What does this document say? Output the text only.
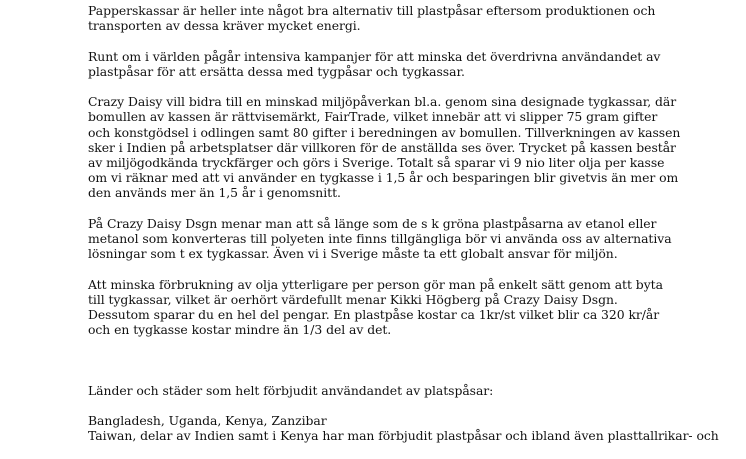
Papperskassar är heller inte något bra alternativ till plastpåsar eftersom produktionen och
transporten av dessa kräver mycket energi.

Runt om i världen pågår intensiva kampanjer för att minska det överdrivna användandet av
plastpåsar för att ersätta dessa med tygpåsar och tygkassar.

Crazy Daisy vill bidra till en minskad miljöpåverkan bl.a. genom sina designade tygkassar, där
bomullen av kassen är rättvisemärkt, FairTrade, vilket innebär att vi slipper 75 gram gifter
och konstgödsel i odlingen samt 80 gifter i beredningen av bomullen. Tillverkningen av kassen
sker i Indien på arbetsplatser där villkoren för de anställda ses över. Trycket på kassen består
av miljögodkända tryckfärger och görs i Sverige. Totalt så sparar vi 9 nio liter olja per kasse
om vi räknar med att vi använder en tygkasse i 1,5 år och besparingen blir givetvis än mer om
den används mer än 1,5 år i genomsnitt.

På Crazy Daisy Dsgn menar man att så länge som de s k gröna plastpåsarna av etanol eller
metanol som konverteras till polyeten inte finns tillgängliga bör vi använda oss av alternativa
lösningar som t ex tygkassar. Även vi i Sverige måste ta ett globalt ansvar för miljön.

Att minska förbrukning av olja ytterligare per person gör man på enkelt sätt genom att byta
till tygkassar, vilket är oerhört värdefullt menar Kikki Högberg på Crazy Daisy Dsgn.
Dessutom sparar du en hel del pengar. En plastpåse kostar ca 1kr/st vilket blir ca 320 kr/år
och en tygkasse kostar mindre än 1/3 del av det.

Länder och städer som helt förbjudit användandet av platspåsar:

Bangladesh, Uganda, Kenya, Zanzibar
Taiwan, delar av Indien samt i Kenya har man förbjudit plastpåsar och ibland även plasttallrikar- och
